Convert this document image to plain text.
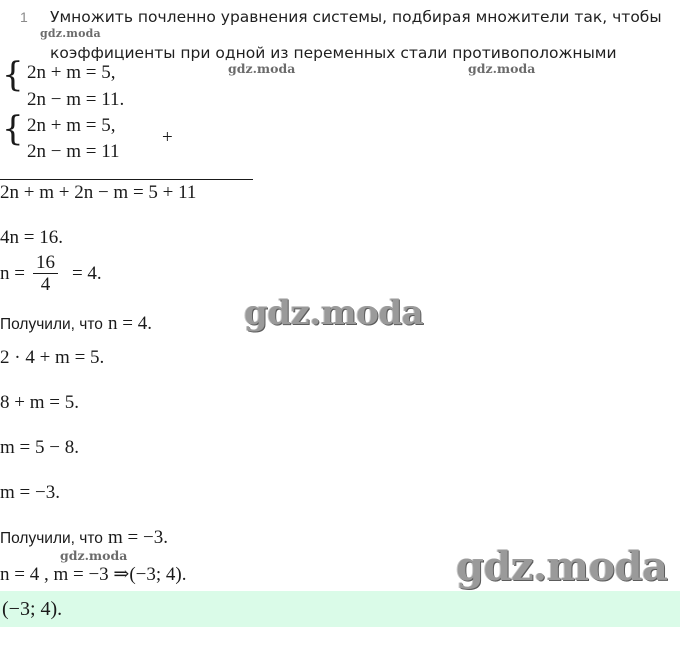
1 Умножить почленно уравнения системы, подбирая множители так, чтобы
gdz.moda
коэффициенты при одной из переменных стали противоположными
{ 2n + m = 5,
2n − m = 11.
gdz.moda	gdz.moda
{ 2n + m = 5,
2n − m = 11
+
2n + m + 2n − m = 5 + 11
4n = 16.
$n = \frac{16}{4} = 4$.
Получили, что n = 4.	gdz.moda
2 · 4 + m = 5.
8 + m = 5.
m = 5 − 8.
m = −3.
Получили, что m = −3.
gdz.moda
n = 4 , m = −3 ⇒(−3; 4).	gdz.moda
(−3; 4).
